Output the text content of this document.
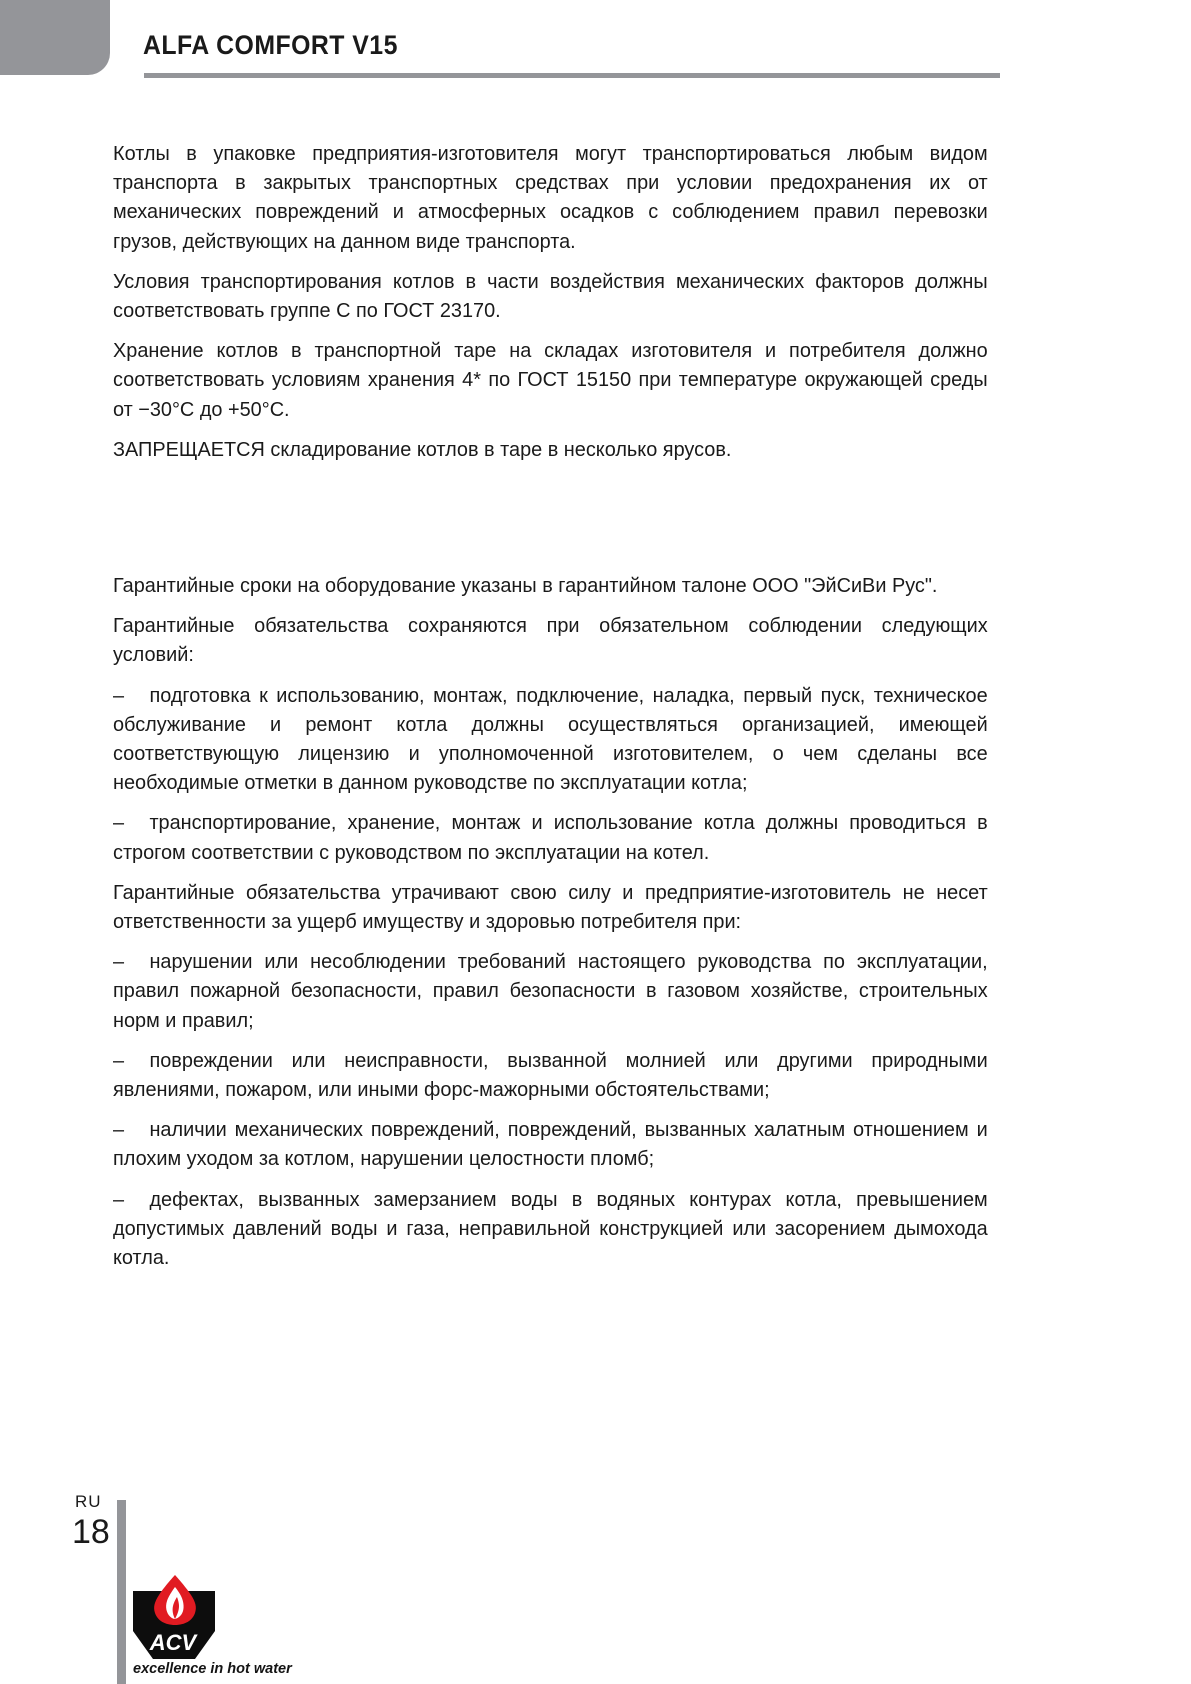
ALFA COMFORT V15

Котлы в упаковке предприятия-изготовителя могут транспортироваться любым видом транспорта в закрытых транспортных средствах при условии предохранения их от механических повреждений и атмосферных осадков с соблюдением правил перевозки грузов, действующих на данном виде транспорта.

Условия транспортирования котлов в части воздействия механических факторов должны соответствовать группе С по ГОСТ 23170.

Хранение котлов в транспортной таре на складах изготовителя и потребителя должно соответствовать условиям хранения 4* по ГОСТ 15150 при температуре окружающей среды от −30°С до +50°С.

ЗАПРЕЩАЕТСЯ складирование котлов в таре в несколько ярусов.

Гарантийные сроки на оборудование указаны в гарантийном талоне ООО "ЭйСиВи Рус".

Гарантийные обязательства сохраняются при обязательном соблюдении следующих условий:

– подготовка к использованию, монтаж, подключение, наладка, первый пуск, техническое обслуживание и ремонт котла должны осуществляться организацией, имеющей соответствующую лицензию и уполномоченной изготовителем, о чем сделаны все необходимые отметки в данном руководстве по эксплуатации котла;

– транспортирование, хранение, монтаж и использование котла должны проводиться в строгом соответствии с руководством по эксплуатации на котел.

Гарантийные обязательства утрачивают свою силу и предприятие-изготовитель не несет ответственности за ущерб имуществу и здоровью потребителя при:

– нарушении или несоблюдении требований настоящего руководства по эксплуатации, правил пожарной безопасности, правил безопасности в газовом хозяйстве, строительных норм и правил;

– повреждении или неисправности, вызванной молнией или другими природными явлениями, пожаром, или иными форс-мажорными обстоятельствами;

– наличии механических повреждений, повреждений, вызванных халатным отношением и плохим уходом за котлом, нарушении целостности пломб;

– дефектах, вызванных замерзанием воды в водяных контурах котла, превышением допустимых давлений воды и газа, неправильной конструкцией или засорением дымохода котла.

RU
18
ACV
excellence in hot water
